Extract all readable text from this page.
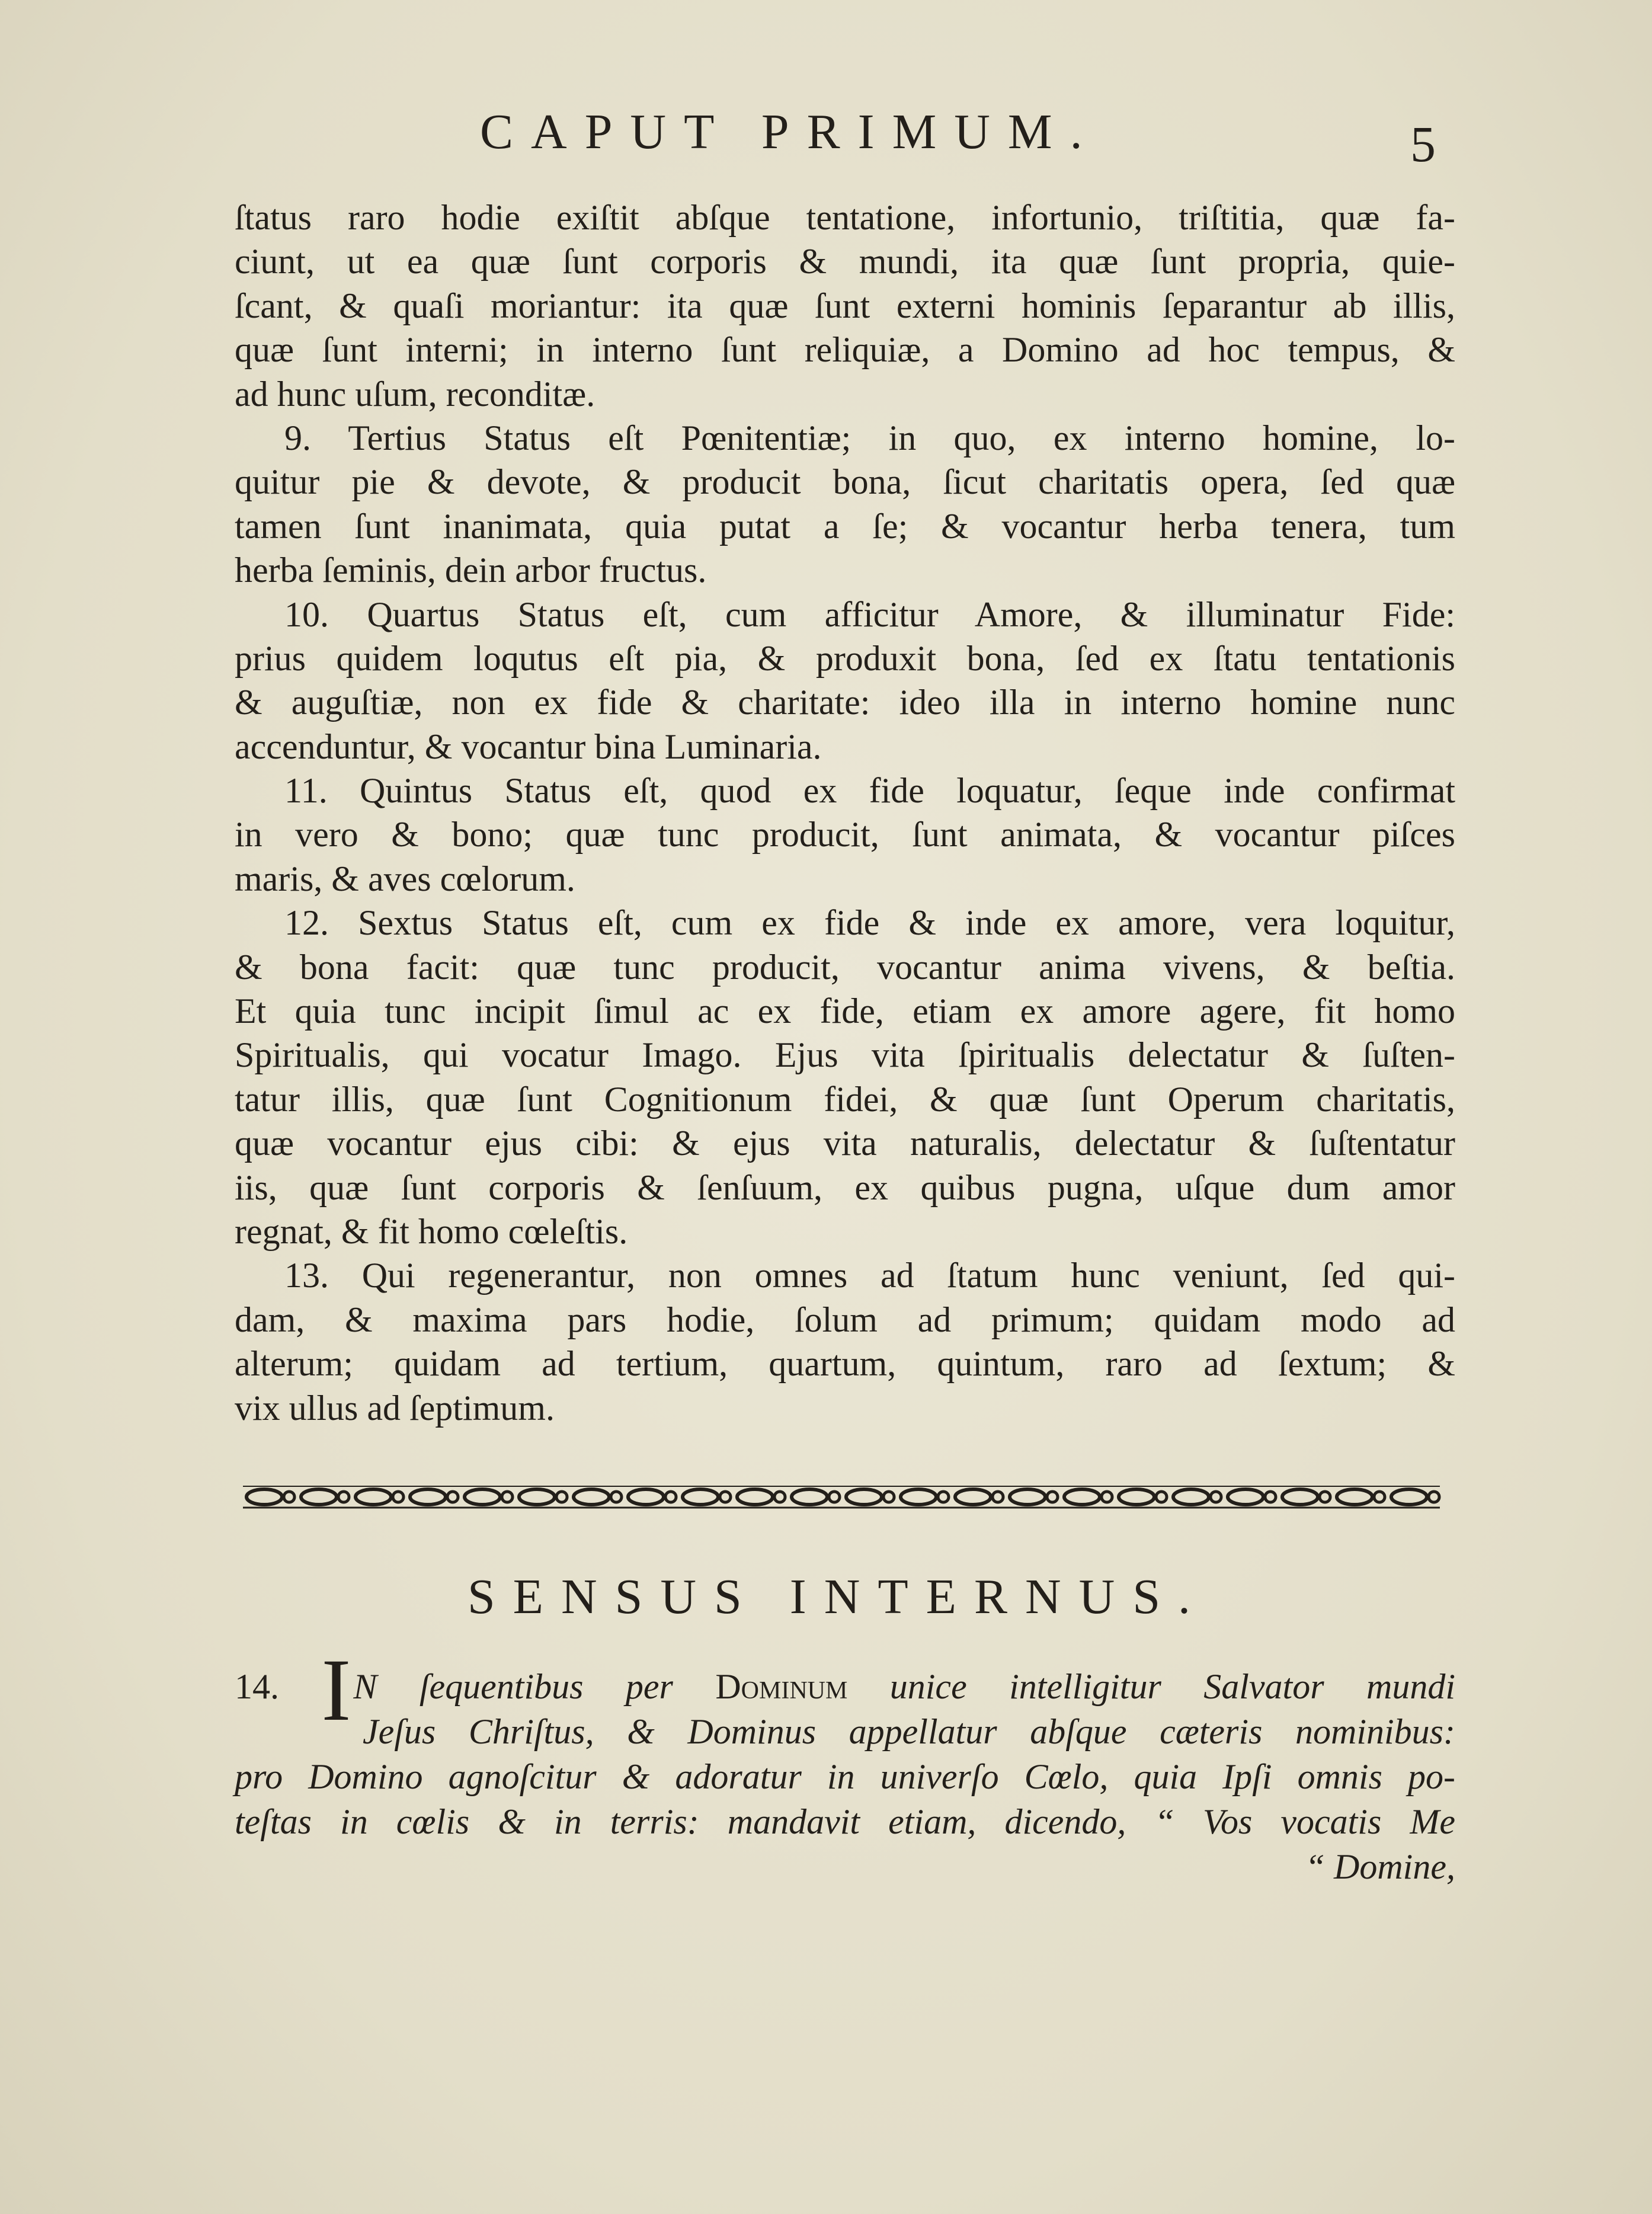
CAPUT PRIMUM.	5
ſtatus raro hodie exiſtit abſque tentatione, infortunio, triſtitia, quæ fa-
ciunt, ut ea quæ ſunt corporis & mundi, ita quæ ſunt propria, quie-
ſcant, & quaſi moriantur: ita quæ ſunt externi hominis ſeparantur ab illis,
quæ ſunt interni; in interno ſunt reliquiæ, a Domino ad hoc tempus, &
ad hunc uſum, reconditæ.
9. Tertius Status eſt Pœnitentiæ; in quo, ex interno homine, lo-
quitur pie & devote, & producit bona, ſicut charitatis opera, ſed quæ
tamen ſunt inanimata, quia putat a ſe; & vocantur herba tenera, tum
herba ſeminis, dein arbor fructus.
10. Quartus Status eſt, cum afficitur Amore, & illuminatur Fide:
prius quidem loqutus eſt pia, & produxit bona, ſed ex ſtatu tentationis
& auguſtiæ, non ex fide & charitate: ideo illa in interno homine nunc
accenduntur, & vocantur bina Luminaria.
11. Quintus Status eſt, quod ex fide loquatur, ſeque inde confirmat
in vero & bono; quæ tunc producit, ſunt animata, & vocantur piſces
maris, & aves cœlorum.
12. Sextus Status eſt, cum ex fide & inde ex amore, vera loquitur,
& bona facit: quæ tunc producit, vocantur anima vivens, & beſtia.
Et quia tunc incipit ſimul ac ex fide, etiam ex amore agere, fit homo
Spiritualis, qui vocatur Imago. Ejus vita ſpiritualis delectatur & ſuſten-
tatur illis, quæ ſunt Cognitionum fidei, & quæ ſunt Operum charitatis,
quæ vocantur ejus cibi: & ejus vita naturalis, delectatur & ſuſtentatur
iis, quæ ſunt corporis & ſenſuum, ex quibus pugna, uſque dum amor
regnat, & fit homo cœleſtis.
13. Qui regenerantur, non omnes ad ſtatum hunc veniunt, ſed qui-
dam, & maxima pars hodie, ſolum ad primum; quidam modo ad
alterum; quidam ad tertium, quartum, quintum, raro ad ſextum; &
vix ullus ad ſeptimum.
SENSUS INTERNUS.
14. IN ſequentibus per Dominum unice intelligitur Salvator mundi
Jeſus Chriſtus, & Dominus appellatur abſque cæteris nominibus:
pro Domino agnoſcitur & adoratur in univerſo Cœlo, quia Ipſi omnis po-
teſtas in cœlis & in terris: mandavit etiam, dicendo, “ Vos vocatis Me
“ Domine,
